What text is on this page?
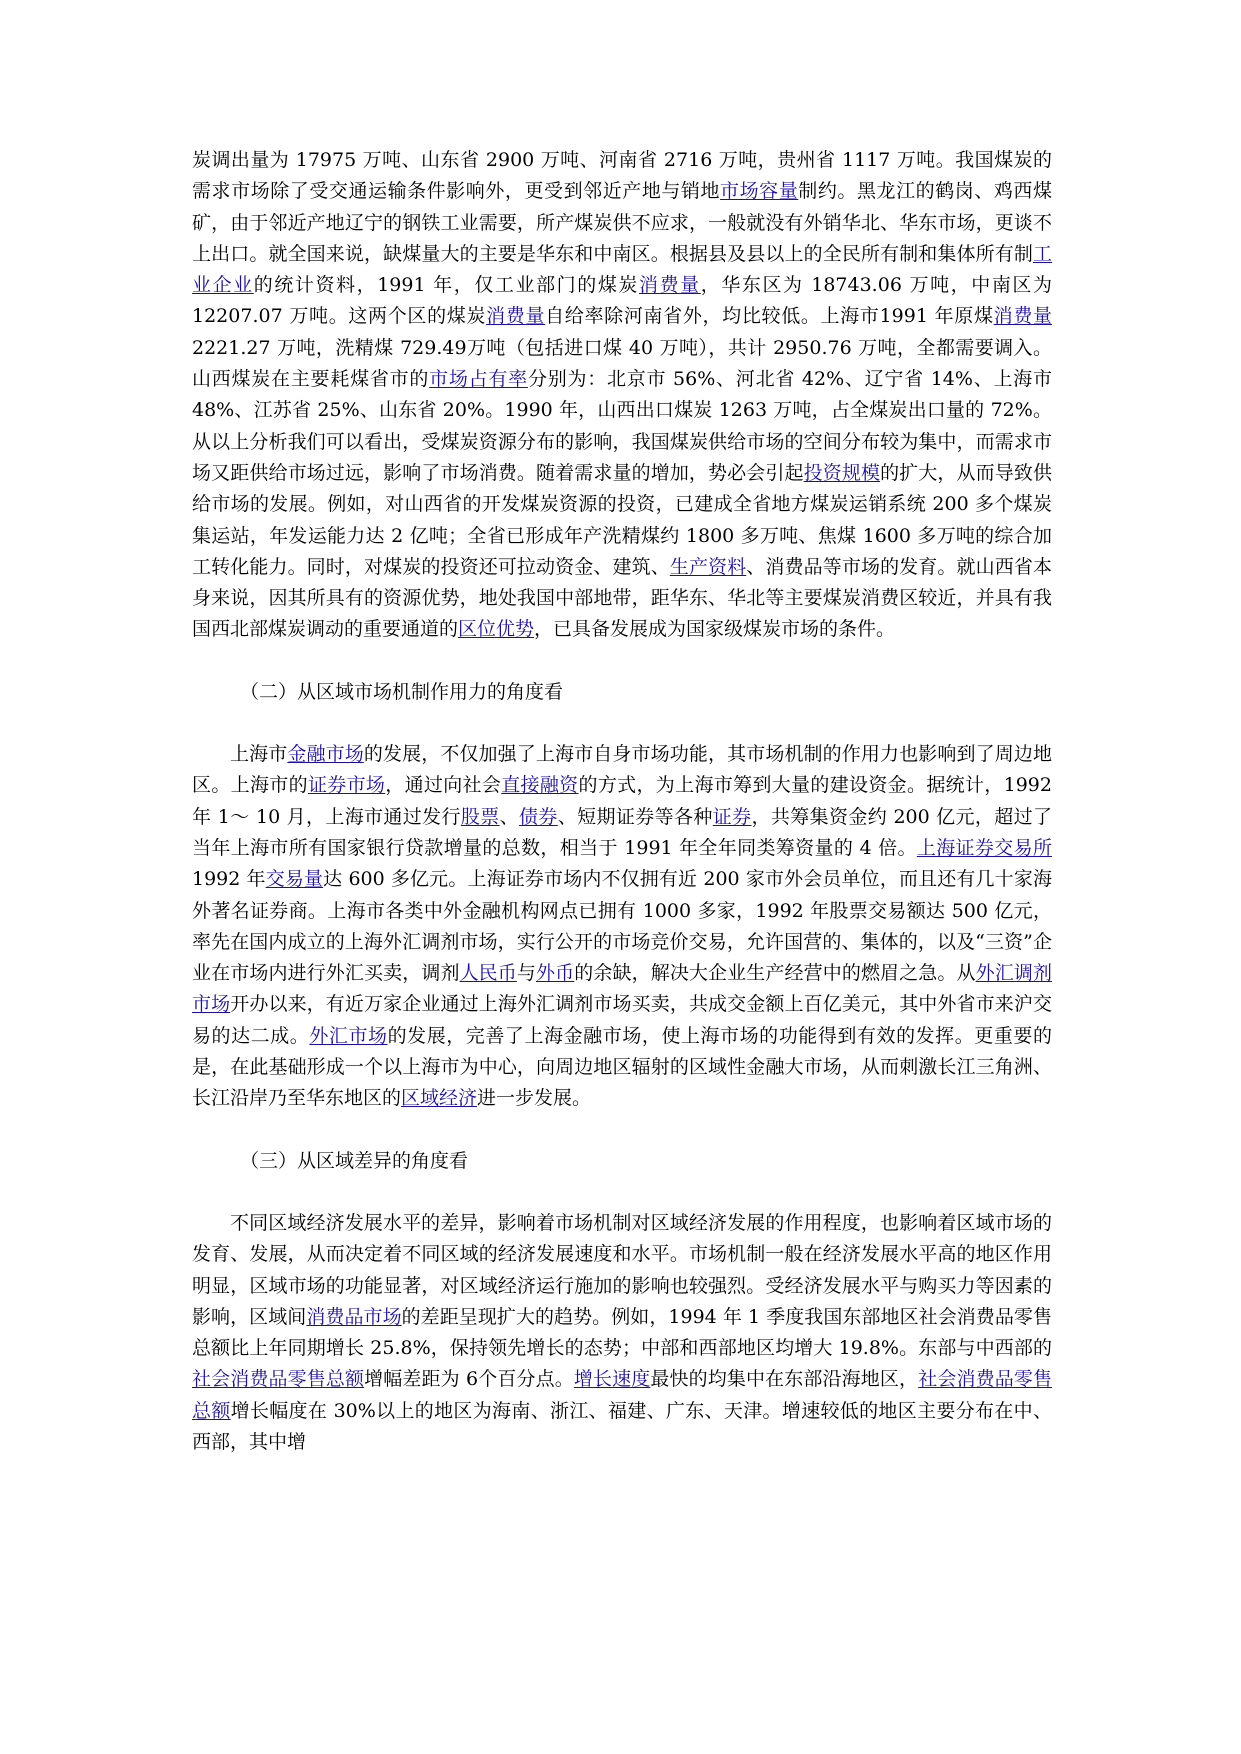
炭调出量为 17975 万吨、山东省 2900 万吨、河南省 2716 万吨，贵州省 1117 万吨。我国煤炭的需求市场除了受交通运输条件影响外，更受到邻近产地与销地市场容量制约。黑龙江的鹤岗、鸡西煤矿，由于邻近产地辽宁的钢铁工业需要，所产煤炭供不应求，一般就没有外销华北、华东市场，更谈不上出口。就全国来说，缺煤量大的主要是华东和中南区。根据县及县以上的全民所有制和集体所有制工业企业的统计资料，1991 年，仅工业部门的煤炭消费量，华东区为 18743.06 万吨，中南区为 12207.07 万吨。这两个区的煤炭消费量自给率除河南省外，均比较低。上海市1991 年原煤消费量 2221.27 万吨，洗精煤 729.49万吨（包括进口煤 40 万吨），共计 2950.76 万吨，全都需要调入。山西煤炭在主要耗煤省市的市场占有率分别为：北京市 56%、河北省 42%、辽宁省 14%、上海市 48%、江苏省 25%、山东省 20%。1990 年，山西出口煤炭 1263 万吨，占全煤炭出口量的 72%。从以上分析我们可以看出，受煤炭资源分布的影响，我国煤炭供给市场的空间分布较为集中，而需求市场又距供给市场过远，影响了市场消费。随着需求量的增加，势必会引起投资规模的扩大，从而导致供给市场的发展。例如，对山西省的开发煤炭资源的投资，已建成全省地方煤炭运销系统 200 多个煤炭集运站，年发运能力达 2 亿吨；全省已形成年产洗精煤约 1800 多万吨、焦煤 1600 多万吨的综合加工转化能力。同时，对煤炭的投资还可拉动资金、建筑、生产资料、消费品等市场的发育。就山西省本身来说，因其所具有的资源优势，地处我国中部地带，距华东、华北等主要煤炭消费区较近，并具有我国西北部煤炭调动的重要通道的区位优势，已具备发展成为国家级煤炭市场的条件。

（二）从区域市场机制作用力的角度看

上海市金融市场的发展，不仅加强了上海市自身市场功能，其市场机制的作用力也影响到了周边地区。上海市的证券市场，通过向社会直接融资的方式，为上海市筹到大量的建设资金。据统计，1992 年 1～ 10 月，上海市通过发行股票、债券、短期证券等各种证券，共筹集资金约 200 亿元，超过了当年上海市所有国家银行贷款增量的总数，相当于 1991 年全年同类筹资量的 4 倍。上海证券交易所 1992 年交易量达 600 多亿元。上海证券市场内不仅拥有近 200 家市外会员单位，而且还有几十家海外著名证券商。上海市各类中外金融机构网点已拥有 1000 多家，1992 年股票交易额达 500 亿元，率先在国内成立的上海外汇调剂市场，实行公开的市场竞价交易，允许国营的、集体的，以及“三资”企业在市场内进行外汇买卖，调剂人民币与外币的余缺，解决大企业生产经营中的燃眉之急。从外汇调剂市场开办以来，有近万家企业通过上海外汇调剂市场买卖，共成交金额上百亿美元，其中外省市来沪交易的达二成。外汇市场的发展，完善了上海金融市场，使上海市场的功能得到有效的发挥。更重要的是，在此基础形成一个以上海市为中心，向周边地区辐射的区域性金融大市场，从而刺激长江三角洲、长江沿岸乃至华东地区的区域经济进一步发展。

（三）从区域差异的角度看

不同区域经济发展水平的差异，影响着市场机制对区域经济发展的作用程度，也影响着区域市场的发育、发展，从而决定着不同区域的经济发展速度和水平。市场机制一般在经济发展水平高的地区作用明显，区域市场的功能显著，对区域经济运行施加的影响也较强烈。受经济发展水平与购买力等因素的影响，区域间消费品市场的差距呈现扩大的趋势。例如，1994 年 1 季度我国东部地区社会消费品零售总额比上年同期增长 25.8%，保持领先增长的态势；中部和西部地区均增大 19.8%。东部与中西部的社会消费品零售总额增幅差距为 6个百分点。增长速度最快的均集中在东部沿海地区，社会消费品零售总额增长幅度在 30%以上的地区为海南、浙江、福建、广东、天津。增速较低的地区主要分布在中、西部，其中增
